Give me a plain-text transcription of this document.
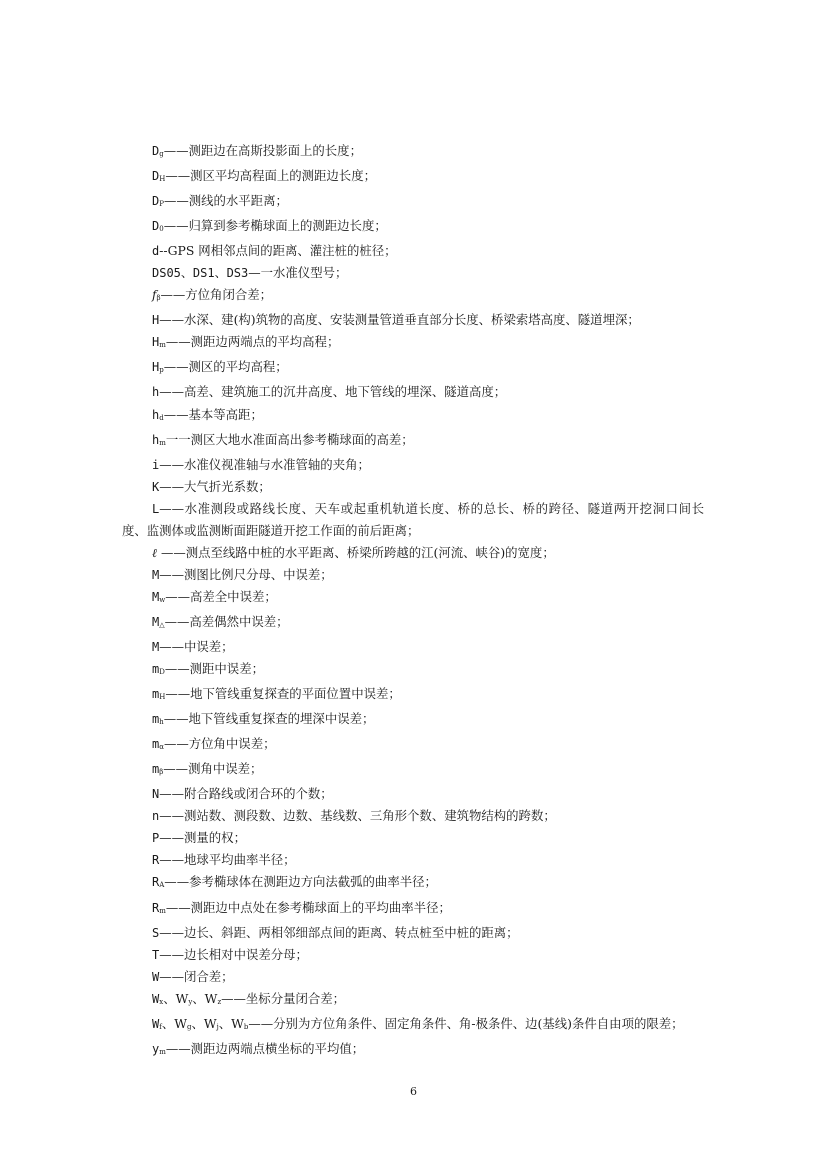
Dg——测距边在高斯投影面上的长度；
DH——测区平均高程面上的测距边长度；
DP——测线的水平距离；
D0——归算到参考椭球面上的测距边长度；
d--GPS 网相邻点间的距离、灌注桩的桩径；
DS05、DS1、DS3—一水准仪型号；
fβ——方位角闭合差；
H——水深、建(构)筑物的高度、安装测量管道垂直部分长度、桥梁索塔高度、隧道埋深；
Hm——测距边两端点的平均高程；
Hp——测区的平均高程；
h——高差、建筑施工的沉井高度、地下管线的埋深、隧道高度；
hd——基本等高距；
hm一一测区大地水准面高出参考椭球面的高差；
i——水准仪视准轴与水准管轴的夹角；
K——大气折光系数；
L——水准测段或路线长度、天车或起重机轨道长度、桥的总长、桥的跨径、隧道两开挖洞口间长度、监测体或监测断面距隧道开挖工作面的前后距离；
ℓ ——测点至线路中桩的水平距离、桥梁所跨越的江(河流、峡谷)的宽度；
M——测图比例尺分母、中误差；
Mw——高差全中误差；
M△——高差偶然中误差；
M——中误差；
mD——测距中误差；
mH——地下管线重复探查的平面位置中误差；
mh——地下管线重复探查的埋深中误差；
mα——方位角中误差；
mβ——测角中误差；
N——附合路线或闭合环的个数；
n——测站数、测段数、边数、基线数、三角形个数、建筑物结构的跨数；
P——测量的权；
R——地球平均曲率半径；
RA——参考椭球体在测距边方向法截弧的曲率半径；
Rm——测距边中点处在参考椭球面上的平均曲率半径；
S——边长、斜距、两相邻细部点间的距离、转点桩至中桩的距离；
T——边长相对中误差分母；
W——闭合差；
Wx、Wy、Wz——坐标分量闭合差；
Wf、Wg、Wj、Wb——分别为方位角条件、固定角条件、角-极条件、边(基线)条件自由项的限差；
ym——测距边两端点横坐标的平均值；
6
